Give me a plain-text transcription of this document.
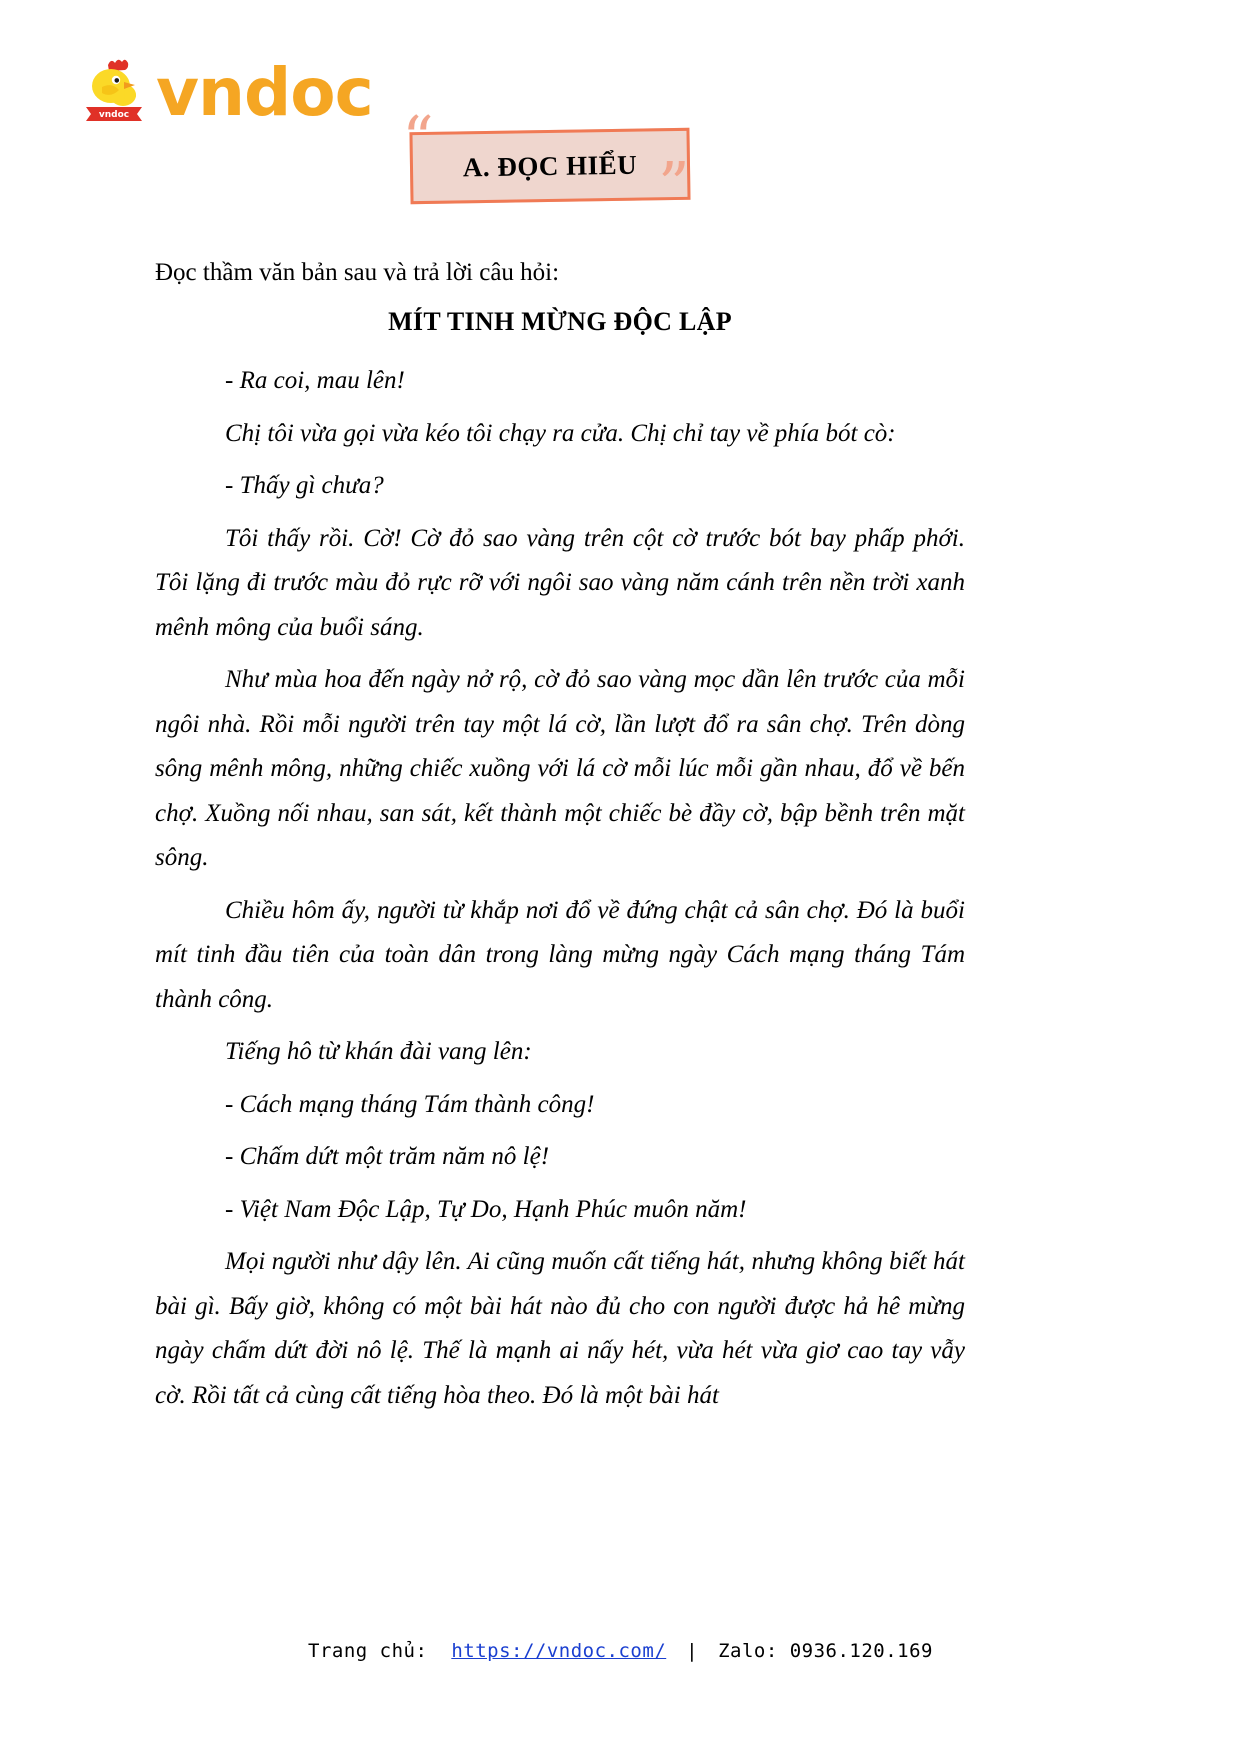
vndoc vndoc
“
”
A. ĐỌC HIỂU

Đọc thầm văn bản sau và trả lời câu hỏi:

MÍT TINH MỪNG ĐỘC LẬP

- Ra coi, mau lên!

Chị tôi vừa gọi vừa kéo tôi chạy ra cửa. Chị chỉ tay về phía bót cò:

- Thấy gì chưa?

Tôi thấy rồi. Cờ! Cờ đỏ sao vàng trên cột cờ trước bót bay phấp phới. Tôi lặng đi trước màu đỏ rực rỡ với ngôi sao vàng năm cánh trên nền trời xanh mênh mông của buổi sáng.

Như mùa hoa đến ngày nở rộ, cờ đỏ sao vàng mọc dần lên trước của mỗi ngôi nhà. Rồi mỗi người trên tay một lá cờ, lần lượt đổ ra sân chợ. Trên dòng sông mênh mông, những chiếc xuồng với lá cờ mỗi lúc mỗi gần nhau, đổ về bến chợ. Xuồng nối nhau, san sát, kết thành một chiếc bè đầy cờ, bập bềnh trên mặt sông.

Chiều hôm ấy, người từ khắp nơi đổ về đứng chật cả sân chợ. Đó là buổi mít tinh đầu tiên của toàn dân trong làng mừng ngày Cách mạng tháng Tám thành công.

Tiếng hô từ khán đài vang lên:

- Cách mạng tháng Tám thành công!

- Chấm dứt một trăm năm nô lệ!

- Việt Nam Độc Lập, Tự Do, Hạnh Phúc muôn năm!

Mọi người như dậy lên. Ai cũng muốn cất tiếng hát, nhưng không biết hát bài gì. Bấy giờ, không có một bài hát nào đủ cho con người được hả hê mừng ngày chấm dứt đời nô lệ. Thế là mạnh ai nấy hét, vừa hét vừa giơ cao tay vẫy cờ. Rồi tất cả cùng cất tiếng hòa theo. Đó là một bài hát

Trang chủ: https://vndoc.com/ | Zalo: 0936.120.169
